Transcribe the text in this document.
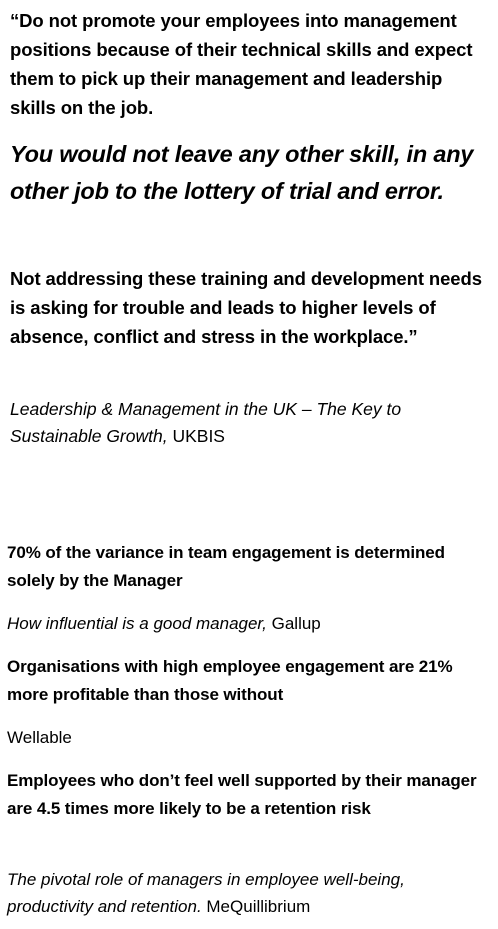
“Do not promote your employees into management positions because of their technical skills and expect them to pick up their management and leadership skills on the job.

You would not leave any other skill, in any other job to the lottery of trial and error.

Not addressing these training and development needs is asking for trouble and leads to higher levels of absence, conflict and stress in the workplace.”

Leadership & Management in the UK – The Key to Sustainable Growth, UKBIS

70% of the variance in team engagement is determined solely by the Manager

How influential is a good manager, Gallup

Organisations with high employee engagement are 21% more profitable than those without

Wellable

Employees who don’t feel well supported by their manager are 4.5 times more likely to be a retention risk

The pivotal role of managers in employee well-being, productivity and retention. MeQuillibrium
